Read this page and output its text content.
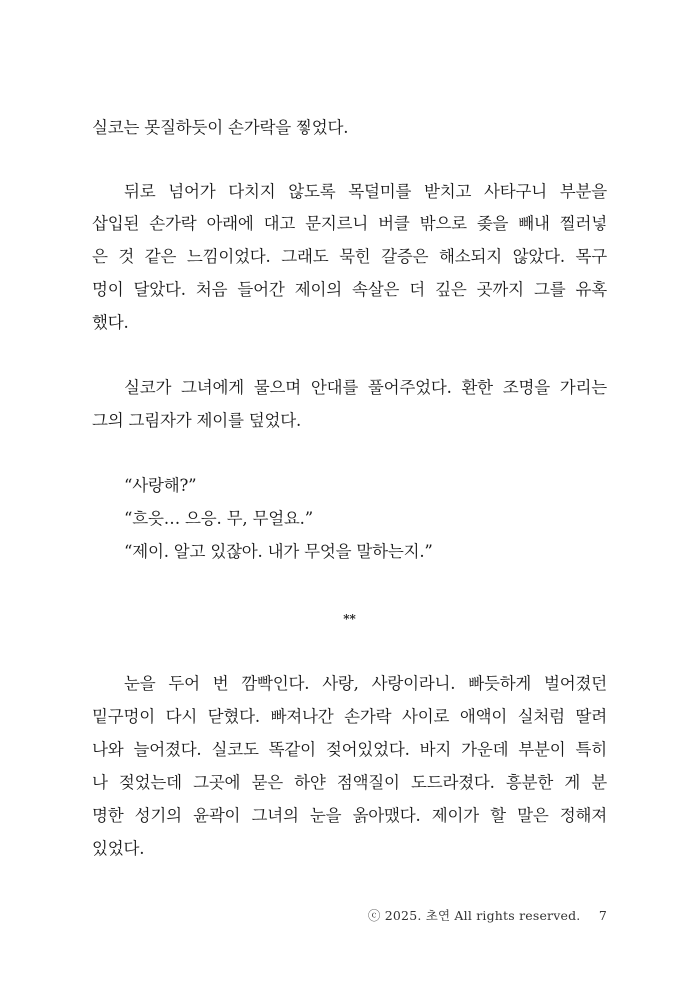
실코는 못질하듯이 손가락을 찧었다.
뒤로 넘어가 다치지 않도록 목덜미를 받치고 사타구니 부분을
삽입된 손가락 아래에 대고 문지르니 버클 밖으로 좆을 빼내 찔러넣
은 것 같은 느낌이었다. 그래도 묵힌 갈증은 해소되지 않았다. 목구
멍이 달았다. 처음 들어간 제이의 속살은 더 깊은 곳까지 그를 유혹
했다.
실코가 그녀에게 물으며 안대를 풀어주었다. 환한 조명을 가리는
그의 그림자가 제이를 덮었다.
“사랑해?”
“흐읏… 으응. 무, 무얼요.”
“제이. 알고 있잖아. 내가 무엇을 말하는지.”
**
눈을 두어 번 깜빡인다. 사랑, 사랑이라니. 빠듯하게 벌어졌던
밑구멍이 다시 닫혔다. 빠져나간 손가락 사이로 애액이 실처럼 딸려
나와 늘어졌다. 실코도 똑같이 젖어있었다. 바지 가운데 부분이 특히
나 젖었는데 그곳에 묻은 하얀 점액질이 도드라졌다. 흥분한 게 분
명한 성기의 윤곽이 그녀의 눈을 옭아맸다. 제이가 할 말은 정해져
있었다.
ⓒ 2025. 초연 All rights reserved. 7
